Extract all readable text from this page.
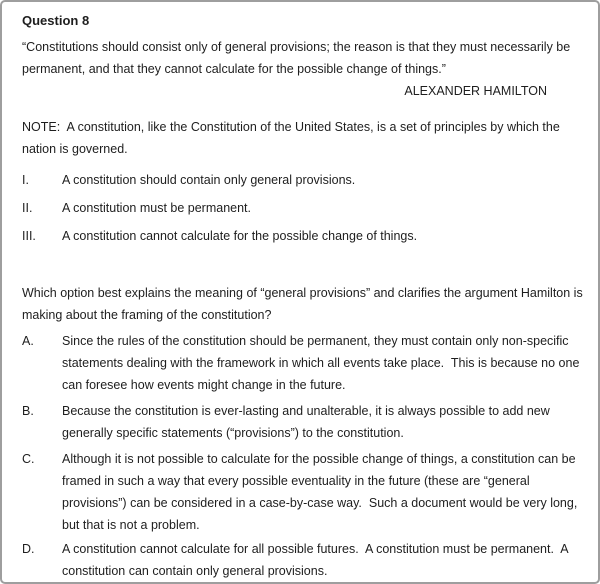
Question 8

“Constitutions should consist only of general provisions; the reason is that they must necessarily be permanent, and that they cannot calculate for the possible change of things.”

ALEXANDER HAMILTON

NOTE:  A constitution, like the Constitution of the United States, is a set of principles by which the nation is governed.

I.	A constitution should contain only general provisions.
II.	A constitution must be permanent.
III.	A constitution cannot calculate for the possible change of things.

Which option best explains the meaning of “general provisions” and clarifies the argument Hamilton is making about the framing of the constitution?

A.	Since the rules of the constitution should be permanent, they must contain only non-specific statements dealing with the framework in which all events take place.  This is because no one can foresee how events might change in the future.
B.	Because the constitution is ever-lasting and unalterable, it is always possible to add new generally specific statements (“provisions”) to the constitution.
C.	Although it is not possible to calculate for the possible change of things, a constitution can be framed in such a way that every possible eventuality in the future (these are “general provisions”) can be considered in a case-by-case way.  Such a document would be very long, but that is not a problem.
D.	A constitution cannot calculate for all possible futures.  A constitution must be permanent.  A constitution can contain only general provisions.
